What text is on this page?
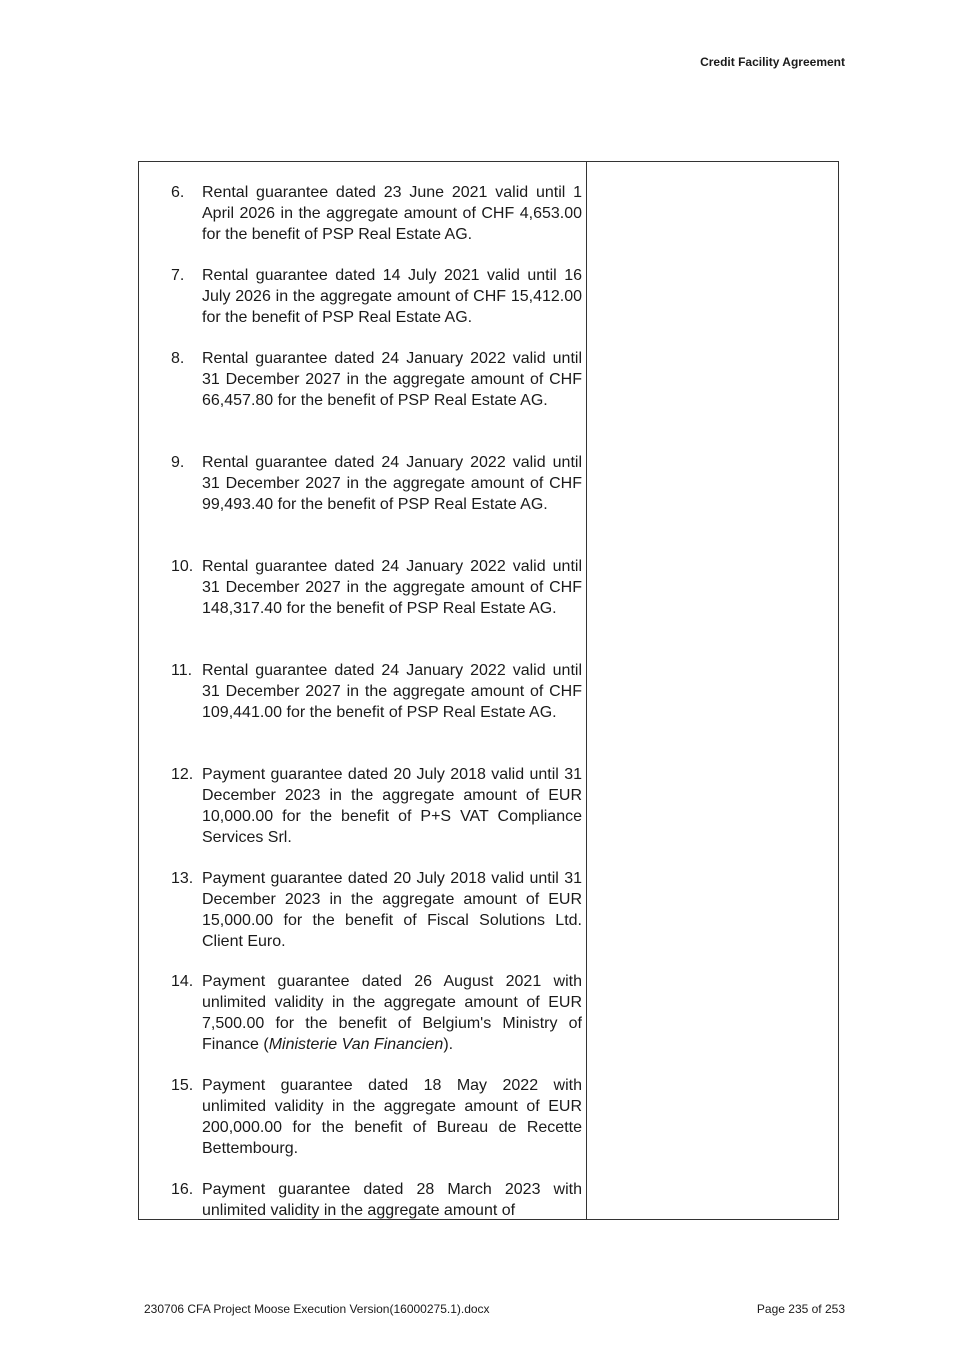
Credit Facility Agreement
6.	Rental guarantee dated 23 June 2021 valid until 1 April 2026 in the aggregate amount of CHF 4,653.00 for the benefit of PSP Real Estate AG.
7.	Rental guarantee dated 14 July 2021 valid until 16 July 2026 in the aggregate amount of CHF 15,412.00 for the benefit of PSP Real Estate AG.
8.	Rental guarantee dated 24 January 2022 valid until 31 December 2027 in the aggregate amount of CHF 66,457.80 for the benefit of PSP Real Estate AG.
9.	Rental guarantee dated 24 January 2022 valid until 31 December 2027 in the aggregate amount of CHF 99,493.40 for the benefit of PSP Real Estate AG.
10. Rental guarantee dated 24 January 2022 valid until 31 December 2027 in the aggregate amount of CHF 148,317.40 for the benefit of PSP Real Estate AG.
11. Rental guarantee dated 24 January 2022 valid until 31 December 2027 in the aggregate amount of CHF 109,441.00 for the benefit of PSP Real Estate AG.
12. Payment guarantee dated 20 July 2018 valid until 31 December 2023 in the aggregate amount of EUR 10,000.00 for the benefit of P+S VAT Compliance Services Srl.
13. Payment guarantee dated 20 July 2018 valid until 31 December 2023 in the aggregate amount of EUR 15,000.00 for the benefit of Fiscal Solutions Ltd. Client Euro.
14. Payment guarantee dated 26 August 2021 with unlimited validity in the aggregate amount of EUR 7,500.00 for the benefit of Belgium's Ministry of Finance (Ministerie Van Financien).
15. Payment guarantee dated 18 May 2022 with unlimited validity in the aggregate amount of EUR 200,000.00 for the benefit of Bureau de Recette Bettembourg.
16. Payment guarantee dated 28 March 2023 with unlimited validity in the aggregate amount of
230706 CFA Project Moose Execution Version(16000275.1).docx	Page 235 of 253
